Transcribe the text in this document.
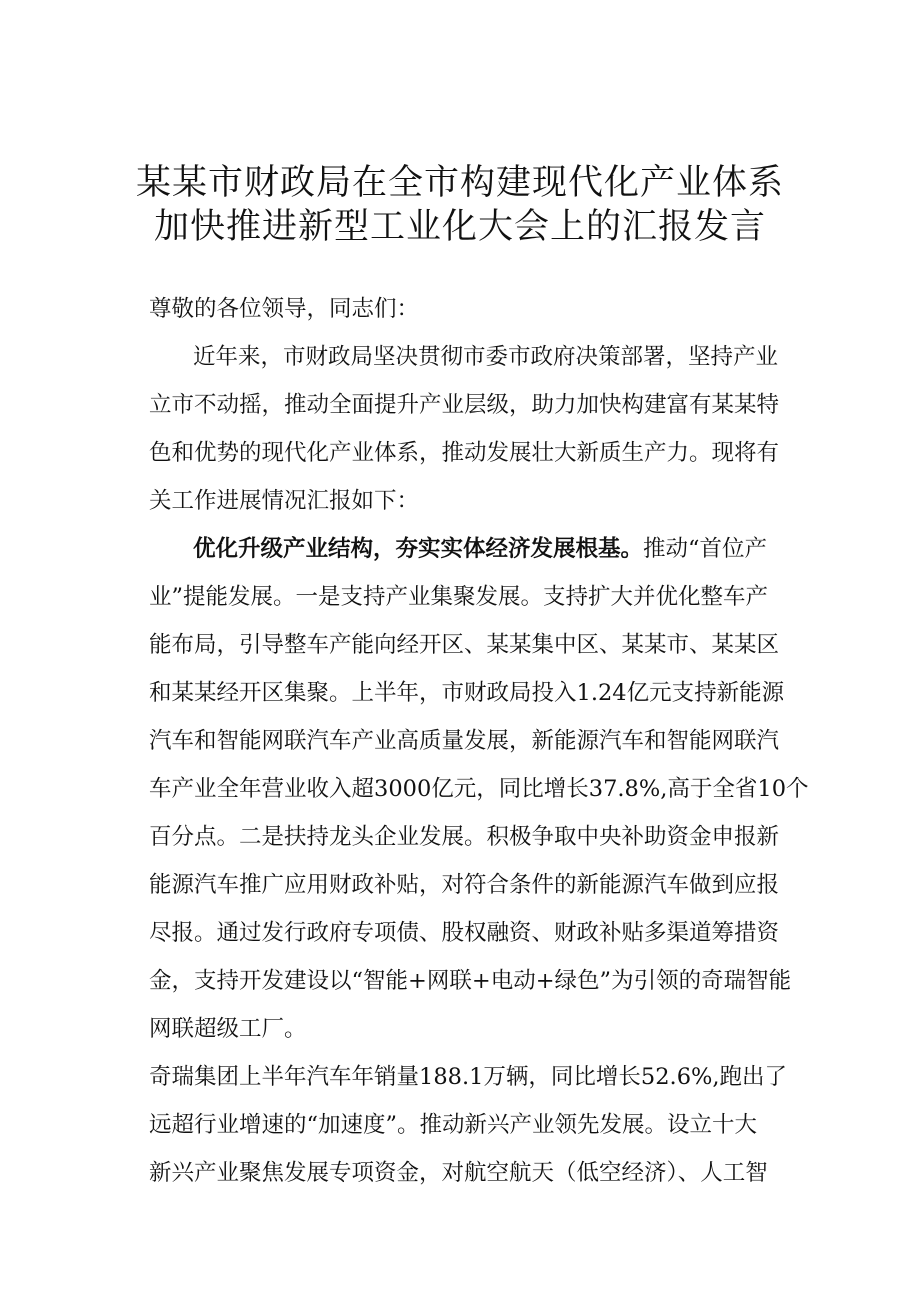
某某市财政局在全市构建现代化产业体系
加快推进新型工业化大会上的汇报发言
尊敬的各位领导，同志们：
近年来，市财政局坚决贯彻市委市政府决策部署，坚持产业
立市不动摇，推动全面提升产业层级，助力加快构建富有某某特
色和优势的现代化产业体系，推动发展壮大新质生产力。现将有
关工作进展情况汇报如下：
优化升级产业结构，夯实实体经济发展根基。推动“首位产
业”提能发展。一是支持产业集聚发展。支持扩大并优化整车产
能布局，引导整车产能向经开区、某某集中区、某某市、某某区
和某某经开区集聚。上半年，市财政局投入1.24亿元支持新能源
汽车和智能网联汽车产业高质量发展，新能源汽车和智能网联汽
车产业全年营业收入超3000亿元，同比增长37.8%,高于全省10个
百分点。二是扶持龙头企业发展。积极争取中央补助资金申报新
能源汽车推广应用财政补贴，对符合条件的新能源汽车做到应报
尽报。通过发行政府专项债、股权融资、财政补贴多渠道筹措资
金，支持开发建设以“智能+网联+电动+绿色”为引领的奇瑞智能
网联超级工厂。
奇瑞集团上半年汽车年销量188.1万辆，同比增长52.6%,跑出了
远超行业增速的“加速度”。推动新兴产业领先发展。设立十大
新兴产业聚焦发展专项资金，对航空航天（低空经济）、人工智
